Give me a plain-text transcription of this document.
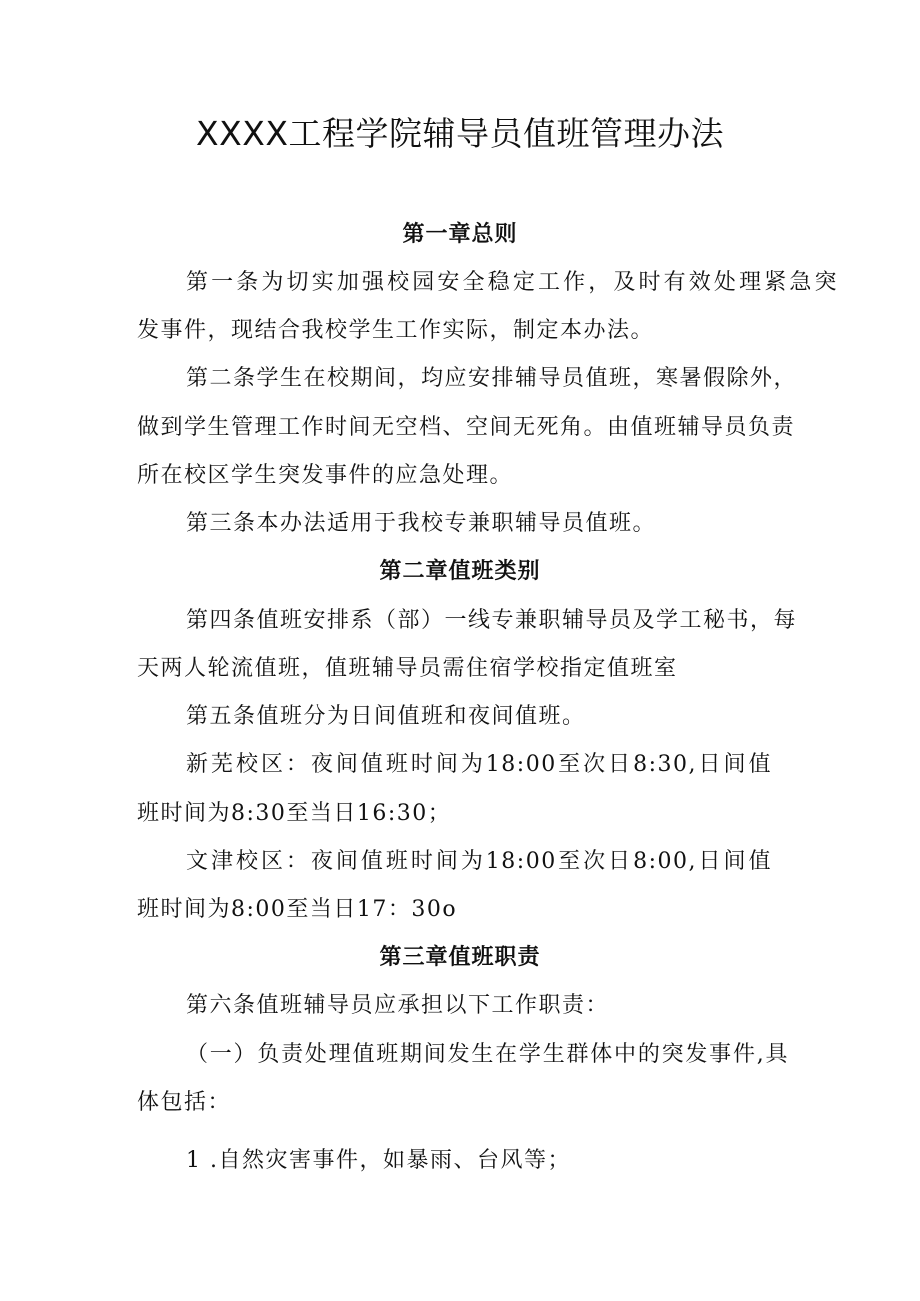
XXXX工程学院辅导员值班管理办法
第一章总则
第一条为切实加强校园安全稳定工作，及时有效处理紧急突
发事件，现结合我校学生工作实际，制定本办法。
第二条学生在校期间，均应安排辅导员值班，寒暑假除外，
做到学生管理工作时间无空档、空间无死角。由值班辅导员负责
所在校区学生突发事件的应急处理。
第三条本办法适用于我校专兼职辅导员值班。
第二章值班类别
第四条值班安排系（部）一线专兼职辅导员及学工秘书，每
天两人轮流值班，值班辅导员需住宿学校指定值班室
第五条值班分为日间值班和夜间值班。
新芜校区：夜间值班时间为18:00至次日8:30,日间值
班时间为8:30至当日16:30；
文津校区：夜间值班时间为18:00至次日8:00,日间值
班时间为8:00至当日17：30o
第三章值班职责
第六条值班辅导员应承担以下工作职责：
（一）负责处理值班期间发生在学生群体中的突发事件,具
体包括：
1 .自然灾害事件，如暴雨、台风等；
